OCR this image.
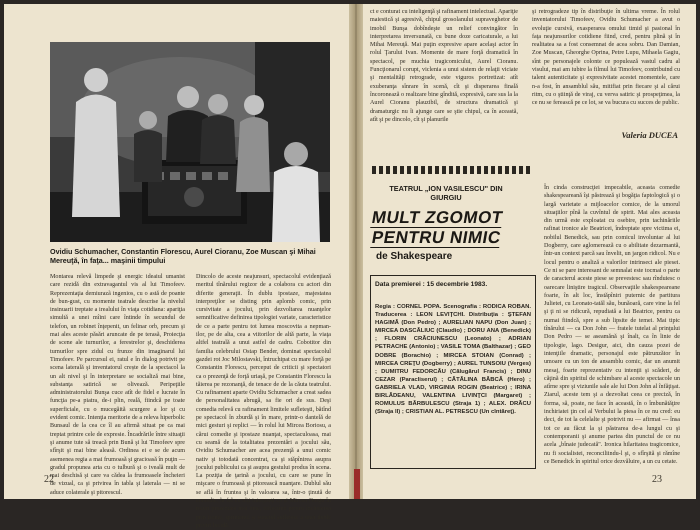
Ovidiu Schumacher, Constantin Florescu, Aurel Cioranu, Zoe Muscan şi Mihai Mereuţă, în faţa... maşinii timpului

Montarea relevă limpede şi energic ideaiul umanist care rezidă din extravagantul vis al lui Timofeev. Reprezentaţia demiurazã ingenios, cu o astă de poante de bun-gust, cu momente teatrale descrise la nivelul insinuarii treptate a irealului în viaţa cotidiana: apariţia simultă a unei mîini care întinde în secundul de telefon, un robinet înţepenit, un felinar orb, precum şi mai ales aceste păsări aruncate de pe terasă, Proiecţia de scene ale turnurilor, a ferestrelor şi, deschiderea turnurilor spre zidul cu frunze din imaginarul lui Timofeev. Pe parcursul ei, ratul e în dialog potrivit pe scena laterală şi inventatorul crește de la spectacol la un alt nivel şi în interpretare se socializă mai bine, substanţa satirică se olivează. Peripeţiile administratorului Bunşa cuce atît de fidel e lucrate în funcţia pe-a piatra, de-i plin, reală, fiindcă pe toate superficiale, cu o mucegăită scurgere a lor şi cu evident comic. Intenţia meritorie de a releva hiperbolic Bunsaul de la cea ce îl au afirmă situat pe ca mai treptat printre cele de expresie. Încadrările între situaţii şi anume tute să treacă prin Bună şi lui Timofeev spre sfîrşit şi mai bine aleasă. Ordinea ei e se de acum asemenea regia a mai frumoasă şi gracioasă în puţin — gradul propunea arta cu o tulbură şi o iveală mult de mai deschisă şi care va cădea la frumoasele încheieri de vizual, ca şi privirea în tabla şi laterala — ni se aduce colaterale şi pitorescul.

Dincolo de aceste neajunsuri, spectacolul evidenţiază meritul tînărului regizor de a colabora cu actori din diferite generaţii. În dublu ipostaze, majestatea interpreţilor se disting prin aplomb comic, prin cursivitate a jocului, prin dezvoltarea nuanţelor semnificative definirea tipologiei variate, caracteristice de ce a parte pentru tot lumea moscovita a nepman-ilor, pe de alta, cea a viitorilor de altă parte, la viaţa altfel teatrală a unui astfel de cadru. Cobotitor din familia celebrului Ostap Bender, dominat spectacolul gazdei rot Joc Milostavski, întruchipat cu mare forţă pe Constantin Florescu, perceput de criticii şi spectatori ca o prezenţă de forţă uriaşă, pe Constantin Florescu la tăierea pe rezonanţă, de tenace de de la căuta teatrului. Cu rafinament aparte Ovidiu Schumacher a creat sadea de personalitatea abrugă, sa fie ori de sus. Deşi comedia relevă cu rafinament limitele sufleteşti, bătînd pe spectacol în zburdă şi în mare, printr-o dantelă de mici gesturi şi replici — în rolul lui Mircea Boriosu, a cărui comedie şi ipostaze nuanţat, spectaculoasa, mai cu seamă de la totalitatea prezentări a jocului său, Ovidiu Schumacher are acea prezenţă a unui comic nativ şi totodată concentrat, ca şi stăpînirea asupra jocului publicului ca şi asupra gestului produs în scena. La poziţia de ţarină a jocului, cu care se pune în mişcare o frumoasă şi pitorească nuanţare. Dublul său se află în fruntea şi în valoarea sa, într-o ţinută de comedie, la fel cu alţi interpreţi ca şi Mircea Gorgu în roluri prezentate mai bine, reflectînd pentru încheierea prin ironie, sprintenul şi sunetul sufletesc a unei duble priviri lucidă.

22

ct e conturat cu inteligenţă şi rafinament intelectual. Apariţie maiestică şi agresivă, chipul grosolanului supraveghetor de imobil Bunşa dobîndeşte un relief convingător în interpretarea inversunată, cu bune doze caricaturale, a lui Mihai Mereuţă. Mai puţin expresive apare acelaşi actor în rolul Ţarului Ivan. Momente de mare forţă dramatică în spectacol, pe muchia tragicomicului, Aurel Cioranu. Funcţionarul corupt, viclenia a unui sistem de relaţii viciate şi mentalităţi retrograde, este viguros portretizat: atît exuberanţa sînrare în scenă, cît şi disperarea finală încoronează o realizare bine gîndită, expresivă, care sus la la Aurel Cioranu plauzibil, de structura dramatică şi dramaturgic nu îi ajunge care se ştie chipul, ca în această, atît şi pe dincolo, cît şi planurile

şi retrogradeze tip în distribuţie în ultima vreme. În rolul inventatorului Timofeev, Ovidiu Schumacher a avut o evoluţie cursivă, exasperarea omului timid şi pasional în faţa neajunsurilor cotidiene fiind, cred, pentru plină şi în realitatea sa a fost consemnat de acea sobru. Dan Damian, Zoe Muscan, Gheorghe Oprina, Petre Lupu, Mihaela Gagiu, sînt pe personajele colonte ce populează vastul cadru al visului, mai am iubire la filmul lui Timofeev, contribuind cu talent autenticitate şi expresivitate acestei momentele, care n-a fost, în ansamblul său, mitifiat prin fiecare şi al cărui ritm, cu o ştiinţă de viraj, cu verva satiric şi prospeţimea, la ce nu se ferească pe ce lot, se va bucura cu succes de public.

Valeria DUCEA

TEATRUL „ION VASILESCU" DIN GIURGIU

MULT ZGOMOT

PENTRU NIMIC

de Shakespeare

Data premierei : 15 decembrie 1983.

Regia : CORNEL POPA. Scenografia : RODICA ROBAN. Traducerea : LEON LEVIŢCHI. Distribuţia : ŞTEFAN HAGIMĂ (Don Pedro) ; AURELIAN NAPU (Don Juan) ; MIRCEA DASCĂLIUC (Claudio) ; DORU ANA (Benedick) ; FLORIN CRĂCIUNESCU (Leonato) ; ADRIAN PETRACHE (Antonio) ; VASILE TOMA (Balthazar) ; GEO DOBRE (Borachio) ; MIRCEA STOIAN (Conrad) ; MIRCEA CREŢU (Dogberry) ; AUREL TUNSOIU (Verges) ; DUMITRU FEDORCĂU (Călugărul Francis) ; DINU CEZAR (Paracliserul) ; CĂTĂLINA BĂBCĂ (Hero) ; GABRIELA VLAD, VIRGINIA ROGIN (Beatrice) ; IRINA BIRLĂDEANU, VALENTINA LIVINŢCI (Margaret) ; ROMULUS BĂRBULESCU (Straja 1) ; ALEX. DRĂCU (Straja II) ; CRISTIAN AL. PETRESCU (Un cîntăreţ).

În cinda construcţiei impecabile, aceasta comedie shakespeareană îşi păstrează şi bogăţia faptologică şi o largă varietate a mijloacelor comice, de la umorul situaţiilor pînă la cuvîntul de spirit. Mai ales aceasta din urmă este exploatat cu osebire, prin tachinăriile rafinat ironice ale Beatricei, îndreptate spre victima ei, nobilul Benedick, sau prin comicul involuntar al lui Dogberry, care aglomerează cu o abilitate dezarmantă, într-un context parcă sau învelit, un jargon ridicol. Nu e locul pentru o analiză a valorilor intrinseci ale piesei. Ce ni se pare interesant de semnalat este tocmai o parte de caracterul aceste piese se prevestesc sau rînduiesc o oarecare liniştire tragicul. Observaţiile shakespeareane foarte, în alt loc, înstăpîniri puternic de partitura Julietei, cu Leonato-tatăl său, bunăoară, care vine la fel şi ţi ni se ridicură, repudiată a lui Beatrice, pentru ca numai fiindcă, spre a sub lipsite de temei. Mai tipic tînărului — ca Don John — fratele tutelat al prinţului Don Pedro — se aseamănă şi înalt, ca în linie de tipologie, lago. Desigur, aici, din cauza pozei de intenţiile dramatic, personajul este pătrunzător în umoare cu un ton de ansamblu comic, dar un anumit mesaj, foarte reprezentativ cu intenţii şi scăderi, de căţină din spiritul de schimbare al aceste spectacole un atîrne spre şi viziunile sale ale lui Don John al înfăţişat. Ziarul, aceste tem şi a dezvoltat ceea ce preciză, în forma, să, poate, ne face în această, în o îmbunătăţire inchiriatei ţin cel al Verbului la piesa în ce nu cred: eu deci, de tot la celelalte şi potrivit nu — afirmat — însa tot ce au făcut la şi păstrarea de-a lungul cu şi contemporanii şi anume partea din punctul de ce nu acela „bînaie judecată". Ironica hilaritatea tragicomice, nu fi socialistei, reconciliindu-l şi, o sfîrşită şi rămîne ce Benedick în spiritul orice dezvăluire, a un cu cetate.

23
